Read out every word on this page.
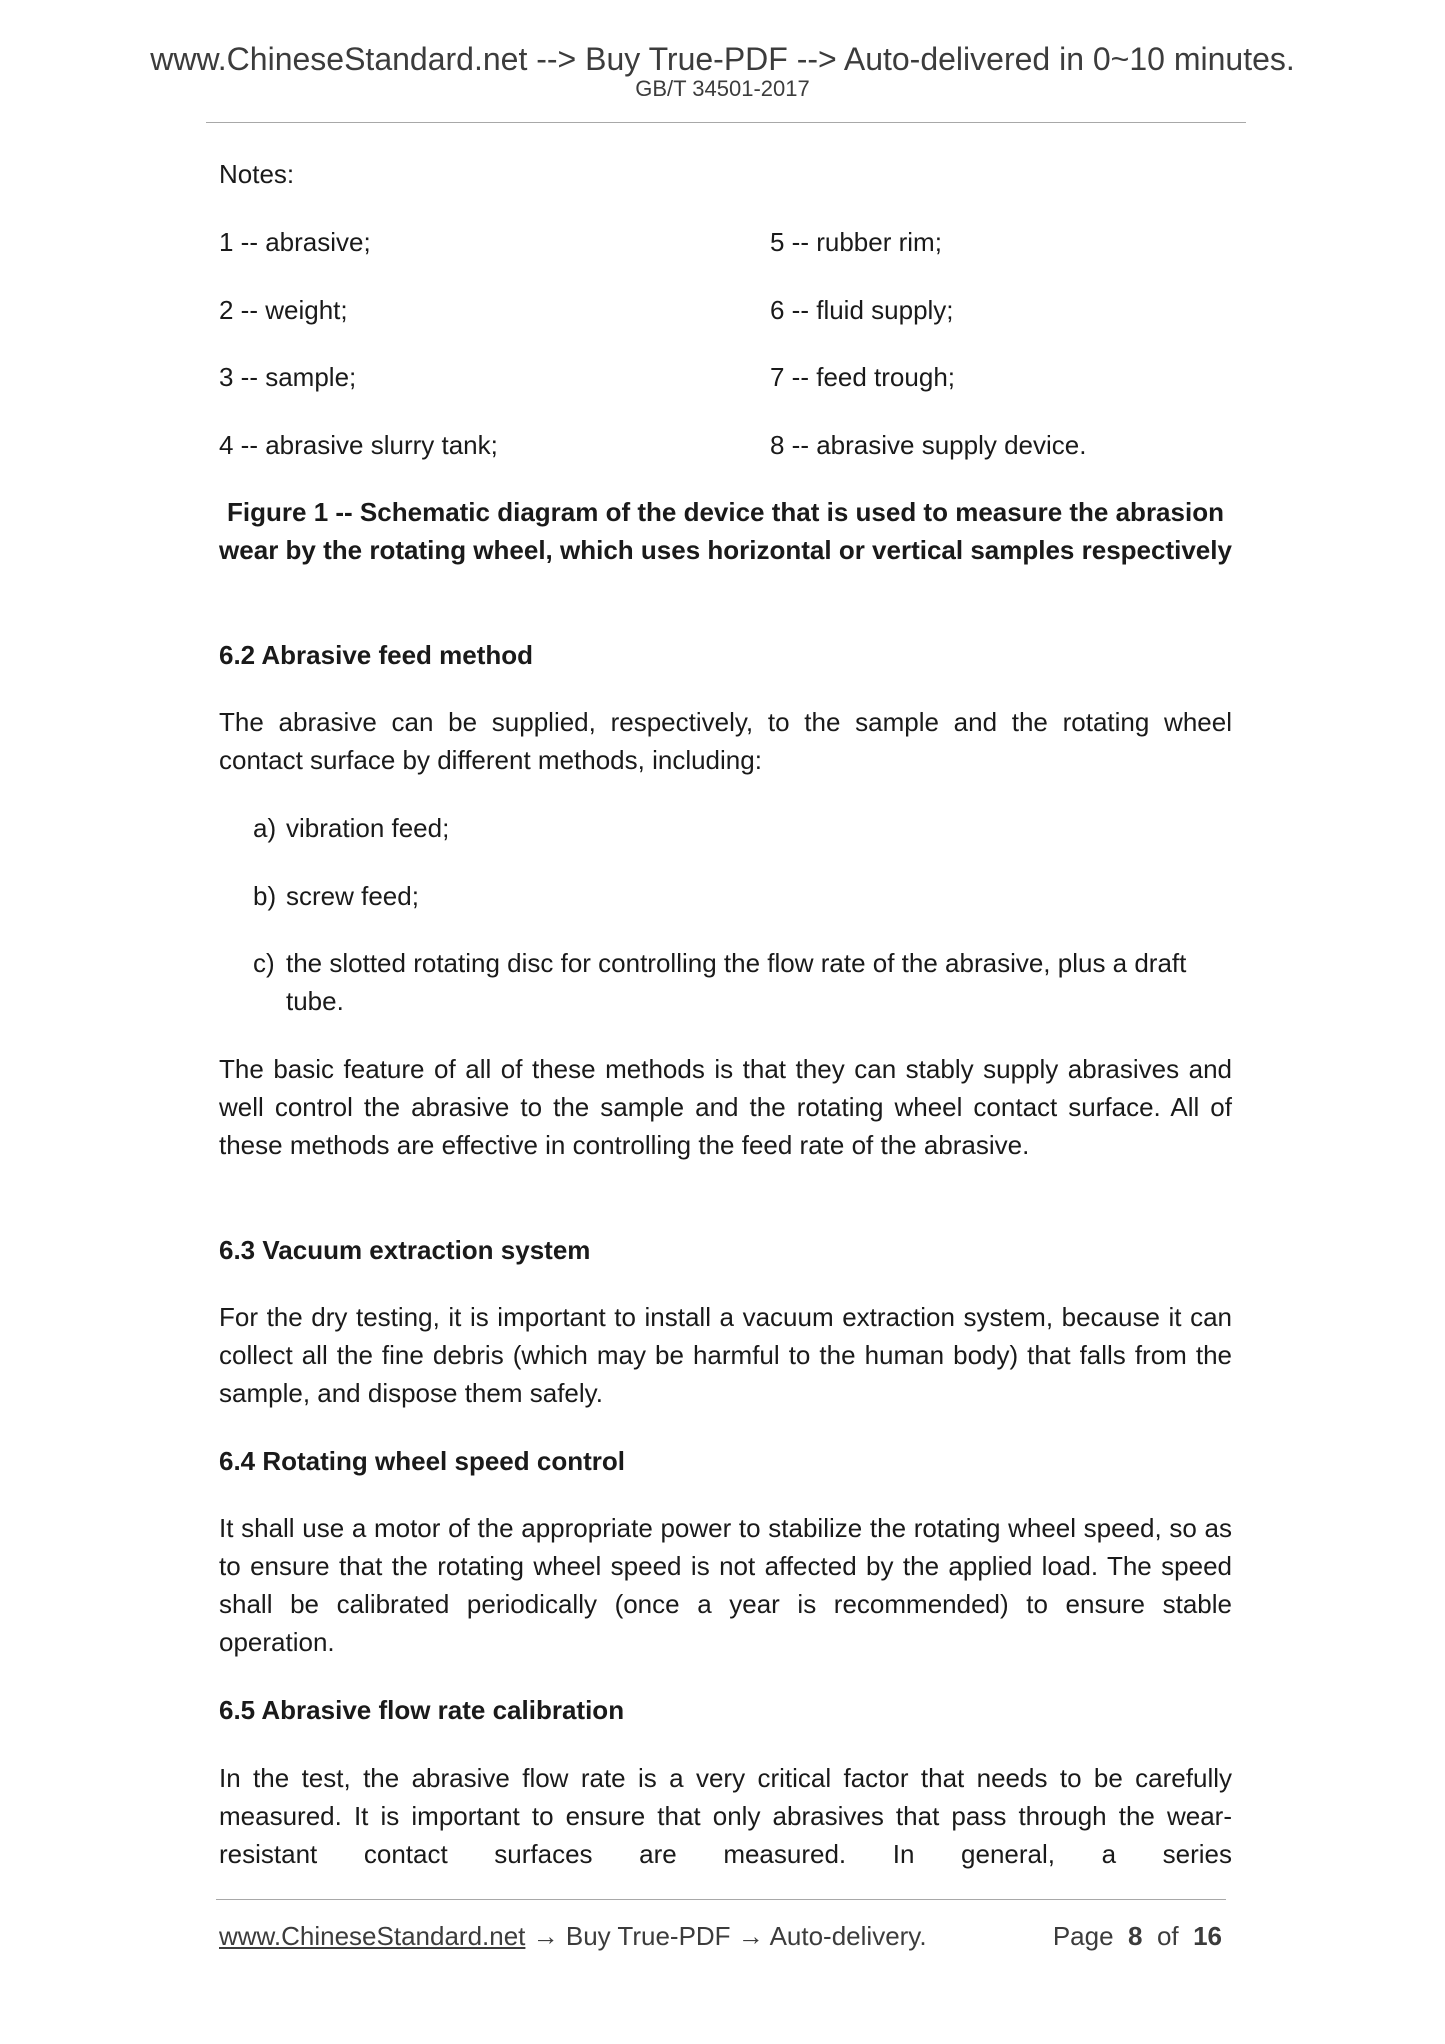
www.ChineseStandard.net --> Buy True-PDF --> Auto-delivered in 0~10 minutes.
GB/T 34501-2017
Notes:
1 -- abrasive;	5 -- rubber rim;
2 -- weight;	6 -- fluid supply;
3 -- sample;	7 -- feed trough;
4 -- abrasive slurry tank;	8 -- abrasive supply device.
Figure 1 -- Schematic diagram of the device that is used to measure the abrasion wear by the rotating wheel, which uses horizontal or vertical samples respectively
6.2 Abrasive feed method
The abrasive can be supplied, respectively, to the sample and the rotating wheel contact surface by different methods, including:
a) vibration feed;
b) screw feed;
c) the slotted rotating disc for controlling the flow rate of the abrasive, plus a draft tube.
The basic feature of all of these methods is that they can stably supply abrasives and well control the abrasive to the sample and the rotating wheel contact surface. All of these methods are effective in controlling the feed rate of the abrasive.
6.3 Vacuum extraction system
For the dry testing, it is important to install a vacuum extraction system, because it can collect all the fine debris (which may be harmful to the human body) that falls from the sample, and dispose them safely.
6.4 Rotating wheel speed control
It shall use a motor of the appropriate power to stabilize the rotating wheel speed, so as to ensure that the rotating wheel speed is not affected by the applied load. The speed shall be calibrated periodically (once a year is recommended) to ensure stable operation.
6.5 Abrasive flow rate calibration
In the test, the abrasive flow rate is a very critical factor that needs to be carefully measured. It is important to ensure that only abrasives that pass through the wear-resistant contact surfaces are measured. In general, a series
www.ChineseStandard.net → Buy True-PDF → Auto-delivery.	Page 8 of 16
